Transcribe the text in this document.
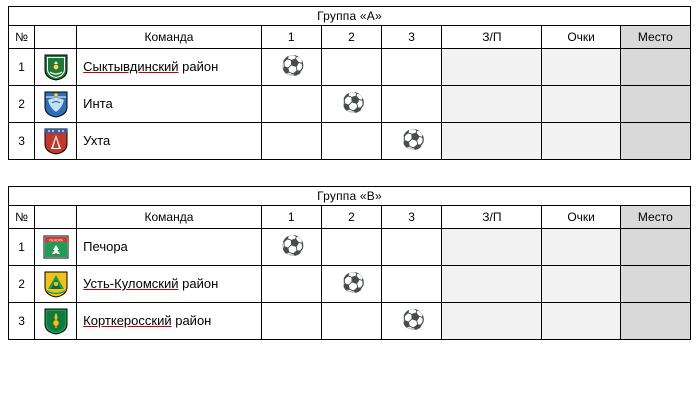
Группа «А»								
№		Команда	1	2	3	З/П	Очки	Место
1		Сыктывдинский район	⚽					
2		Инта		⚽				
3		Ухта			⚽			
Группа «В»								
№		Команда	1	2	3	З/П	Очки	Место
1	ПЕЧОРА	Печора	⚽					
2		Усть-Куломский район		⚽				
3		Корткеросский район			⚽			
